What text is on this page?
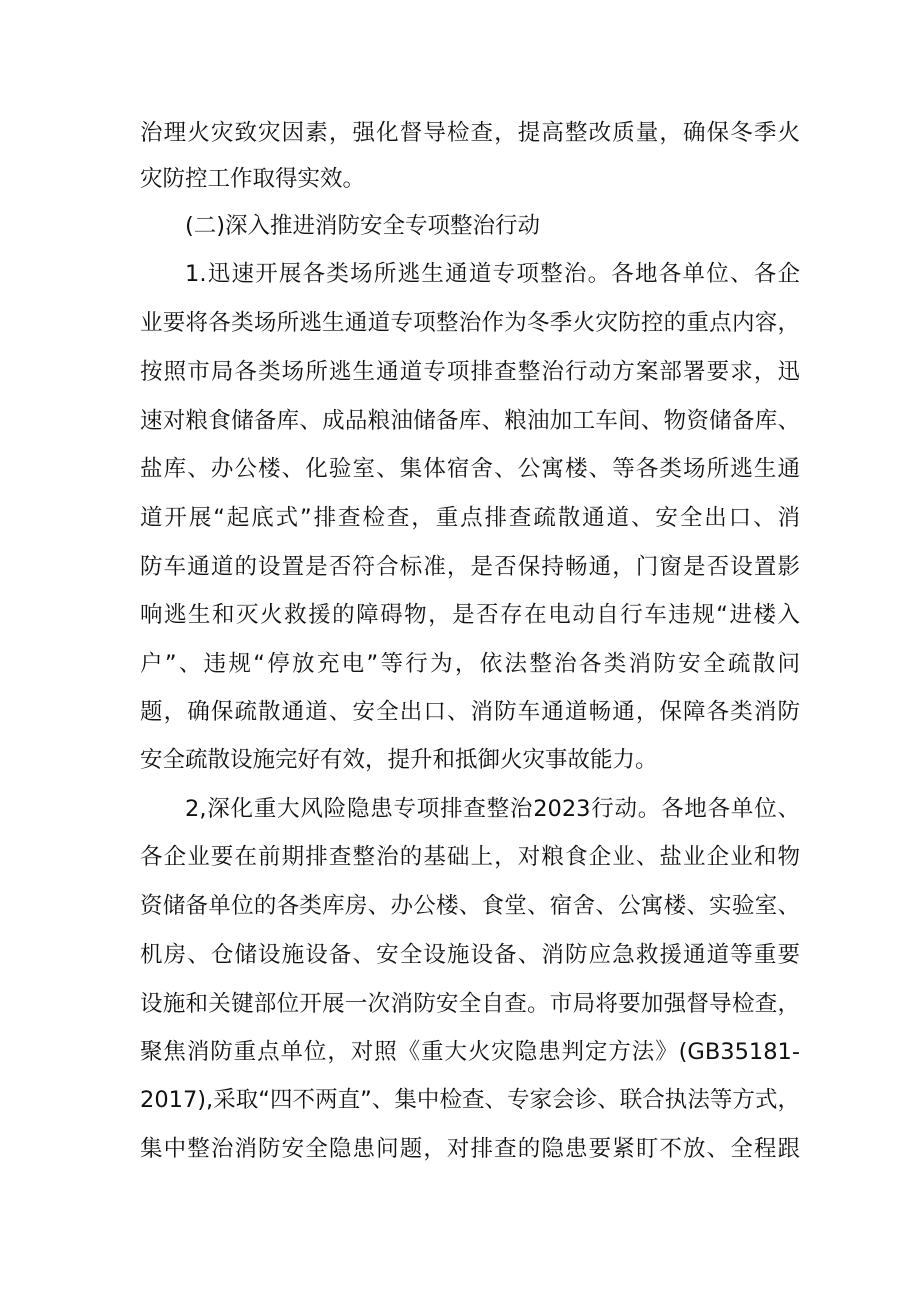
治理火灾致灾因素，强化督导检查，提高整改质量，确保冬季火
灾防控工作取得实效。
(二)深入推进消防安全专项整治行动
1.迅速开展各类场所逃生通道专项整治。各地各单位、各企
业要将各类场所逃生通道专项整治作为冬季火灾防控的重点内容，
按照市局各类场所逃生通道专项排查整治行动方案部署要求，迅
速对粮食储备库、成品粮油储备库、粮油加工车间、物资储备库、
盐库、办公楼、化验室、集体宿舍、公寓楼、等各类场所逃生通
道开展“起底式”排查检查，重点排查疏散通道、安全出口、消
防车通道的设置是否符合标准，是否保持畅通，门窗是否设置影
响逃生和灭火救援的障碍物，是否存在电动自行车违规“进楼入
户”、违规“停放充电”等行为，依法整治各类消防安全疏散问
题，确保疏散通道、安全出口、消防车通道畅通，保障各类消防
安全疏散设施完好有效，提升和抵御火灾事故能力。
2,深化重大风险隐患专项排查整治2023行动。各地各单位、
各企业要在前期排查整治的基础上，对粮食企业、盐业企业和物
资储备单位的各类库房、办公楼、食堂、宿舍、公寓楼、实验室、
机房、仓储设施设备、安全设施设备、消防应急救援通道等重要
设施和关键部位开展一次消防安全自查。市局将要加强督导检查，
聚焦消防重点单位，对照《重大火灾隐患判定方法》(GB35181-
2017),采取“四不两直”、集中检查、专家会诊、联合执法等方式，
集中整治消防安全隐患问题，对排查的隐患要紧盯不放、全程跟
